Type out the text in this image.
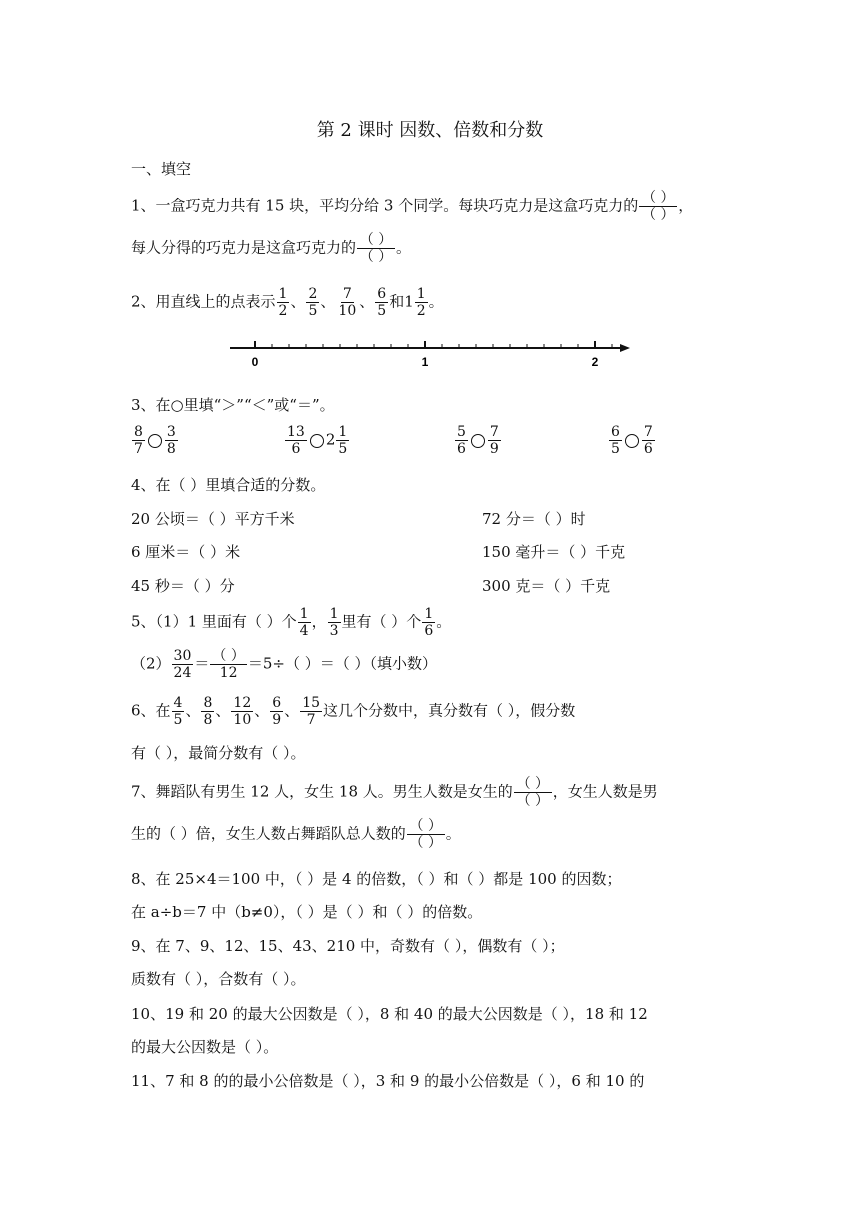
第 2 课时 因数、倍数和分数
一、填空
1、一盒巧克力共有 15 块，平均分给 3 个同学。每块巧克力是这盒巧克力的 $\frac{( )}{( )}$ ，
每人分得的巧克力是这盒巧克力的 $\frac{( )}{( )}$ 。
2、用直线上的点表示 $\frac{1}{2}$ 、 $\frac{2}{5}$ 、 $\frac{7}{10}$ 、 $\frac{6}{5}$ 和$1 \frac{1}{2}$ 。
0	1	2
3、在○里填“＞”“＜”或“＝”。
$\frac{8}{7} \frac{3}{8}$	$\frac{13}{6} 2 \frac{1}{5}$	$\frac{5}{6} \frac{7}{9}$	$\frac{6}{5} \frac{7}{6}$
4、在（ ）里填合适的分数。
20 公顷＝（ ）平方千米	72 分＝（ ）时
6 厘米＝（ ）米	150 毫升＝（ ）千克
45 秒＝（ ）分	300 克＝（ ）千克
5、（1）1 里面有（ ）个 $\frac{1}{4}$ ， $\frac{1}{3}$ 里有（ ）个 $\frac{1}{6}$ 。
$(2) \frac{30}{24} = \frac{( )}{12} =5\div$（ ）＝（ ）（填小数）
6、在 $\frac{4}{5}$ 、 $\frac{8}{8}$ 、 $\frac{12}{10}$ 、 $\frac{6}{9}$ 、 $\frac{15}{7}$ 这几个分数中，真分数有（ ），假分数
有（ ），最简分数有（ ）。
7、舞蹈队有男生 12 人，女生 18 人。男生人数是女生的 $\frac{( )}{( )}$ ，女生人数是男
生的（ ）倍，女生人数占舞蹈队总人数的 $\frac{( )}{( )}$ 。
8、在 25×4＝100 中，（ ）是 4 的倍数，（ ）和（ ）都是 100 的因数；
在 a÷b＝7 中（b≠0），（ ）是（ ）和（ ）的倍数。
9、在 7、9、12、15、43、210 中，奇数有（ ），偶数有（ ）；
质数有（ ），合数有（ ）。
10、19 和 20 的最大公因数是（ ），8 和 40 的最大公因数是（ ），18 和 12
的最大公因数是（ ）。
11、7 和 8 的的最小公倍数是（ ），3 和 9 的最小公倍数是（ ），6 和 10 的
